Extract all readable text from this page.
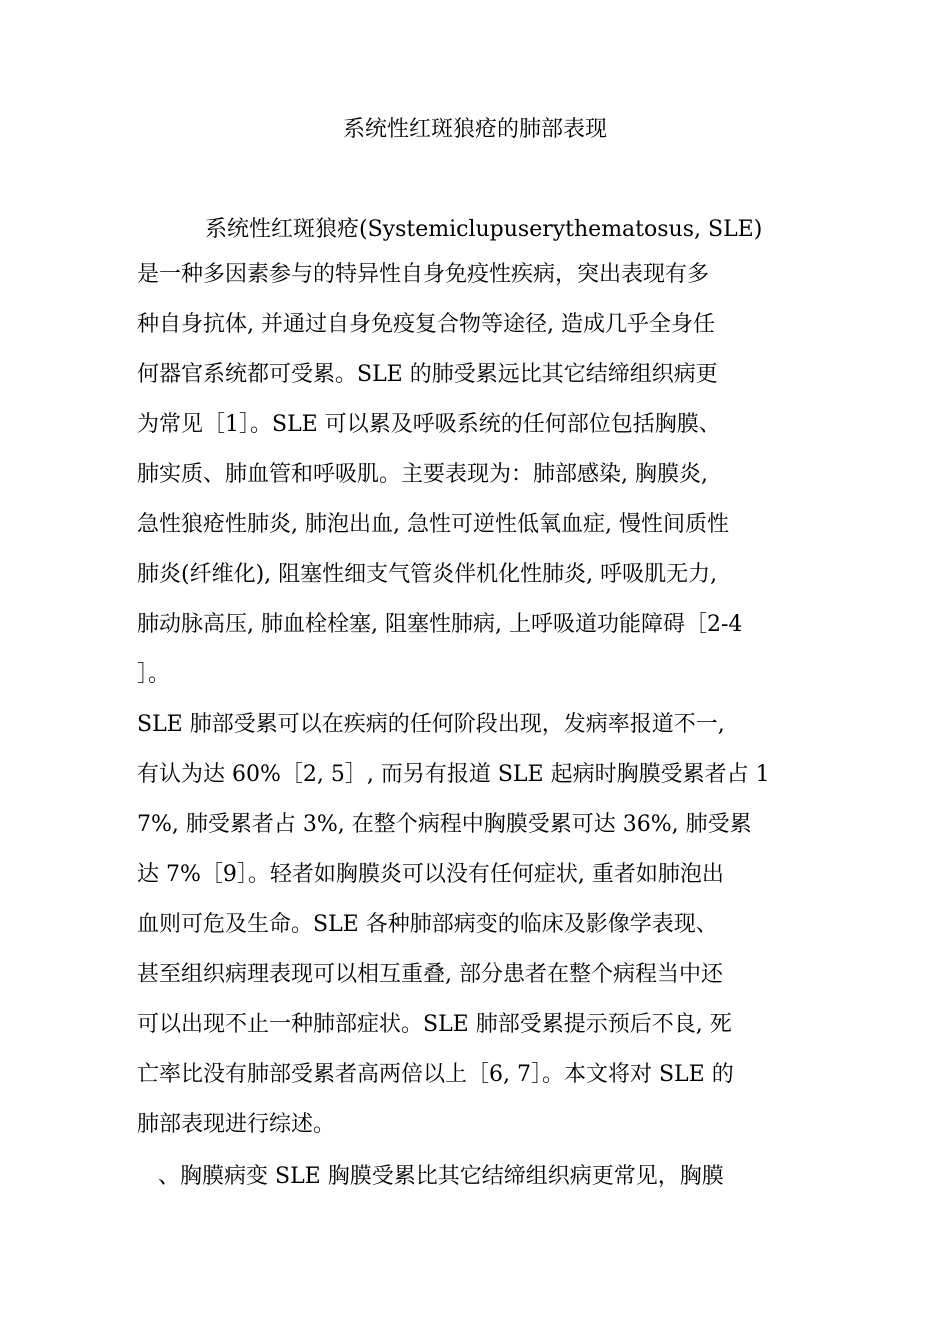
系统性红斑狼疮的肺部表现
系统性红斑狼疮(Systemiclupuserythematosus, SLE)
是一种多因素参与的特异性自身免疫性疾病，突出表现有多
种自身抗体, 并通过自身免疫复合物等途径, 造成几乎全身任
何器官系统都可受累。SLE 的肺受累远比其它结缔组织病更
为常见［1］。SLE 可以累及呼吸系统的任何部位包括胸膜、
肺实质、肺血管和呼吸肌。主要表现为：肺部感染, 胸膜炎,
急性狼疮性肺炎, 肺泡出血, 急性可逆性低氧血症, 慢性间质性
肺炎(纤维化), 阻塞性细支气管炎伴机化性肺炎, 呼吸肌无力,
肺动脉高压, 肺血栓栓塞, 阻塞性肺病, 上呼吸道功能障碍［2-4
］。
SLE 肺部受累可以在疾病的任何阶段出现，发病率报道不一,
有认为达 60%［2, 5］, 而另有报道 SLE 起病时胸膜受累者占 1
7%, 肺受累者占 3%, 在整个病程中胸膜受累可达 36%, 肺受累
达 7%［9］。轻者如胸膜炎可以没有任何症状, 重者如肺泡出
血则可危及生命。SLE 各种肺部病变的临床及影像学表现、
甚至组织病理表现可以相互重叠, 部分患者在整个病程当中还
可以出现不止一种肺部症状。SLE 肺部受累提示预后不良, 死
亡率比没有肺部受累者高两倍以上［6, 7］。本文将对 SLE 的
肺部表现进行综述。
、胸膜病变 SLE 胸膜受累比其它结缔组织病更常见，胸膜
